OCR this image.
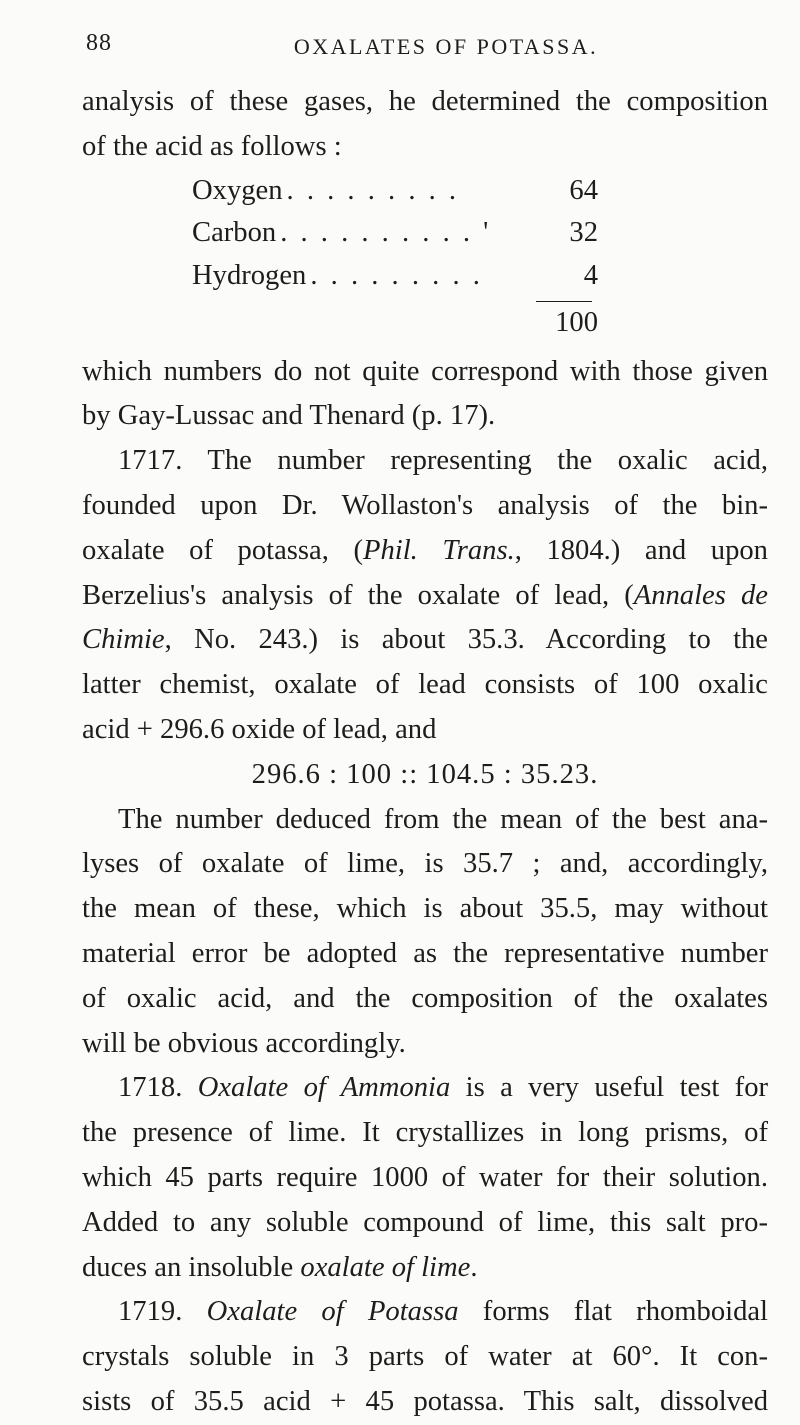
88	OXALATES OF POTASSA.
analysis of these gases, he determined the composition
of the acid as follows :
Oxygen . . . . . . . . .	64
Carbon . . . . . . . . . . '	32
Hydrogen . . . . . . . . .	4
100
which numbers do not quite correspond with those given
by Gay-Lussac and Thenard (p. 17).
1717. The number representing the oxalic acid,
founded upon Dr. Wollaston's analysis of the bin-
oxalate of potassa, (Phil. Trans., 1804.) and upon
Berzelius's analysis of the oxalate of lead, (Annales de
Chimie, No. 243.) is about 35.3. According to the
latter chemist, oxalate of lead consists of 100 oxalic
acid + 296.6 oxide of lead, and
296.6 : 100 :: 104.5 : 35.23.
The number deduced from the mean of the best ana-
lyses of oxalate of lime, is 35.7 ; and, accordingly,
the mean of these, which is about 35.5, may without
material error be adopted as the representative number
of oxalic acid, and the composition of the oxalates
will be obvious accordingly.
1718. Oxalate of Ammonia is a very useful test for
the presence of lime. It crystallizes in long prisms, of
which 45 parts require 1000 of water for their solution.
Added to any soluble compound of lime, this salt pro-
duces an insoluble oxalate of lime.
1719. Oxalate of Potassa forms flat rhomboidal
crystals soluble in 3 parts of water at 60°. It con-
sists of 35.5 acid + 45 potassa. This salt, dissolved
